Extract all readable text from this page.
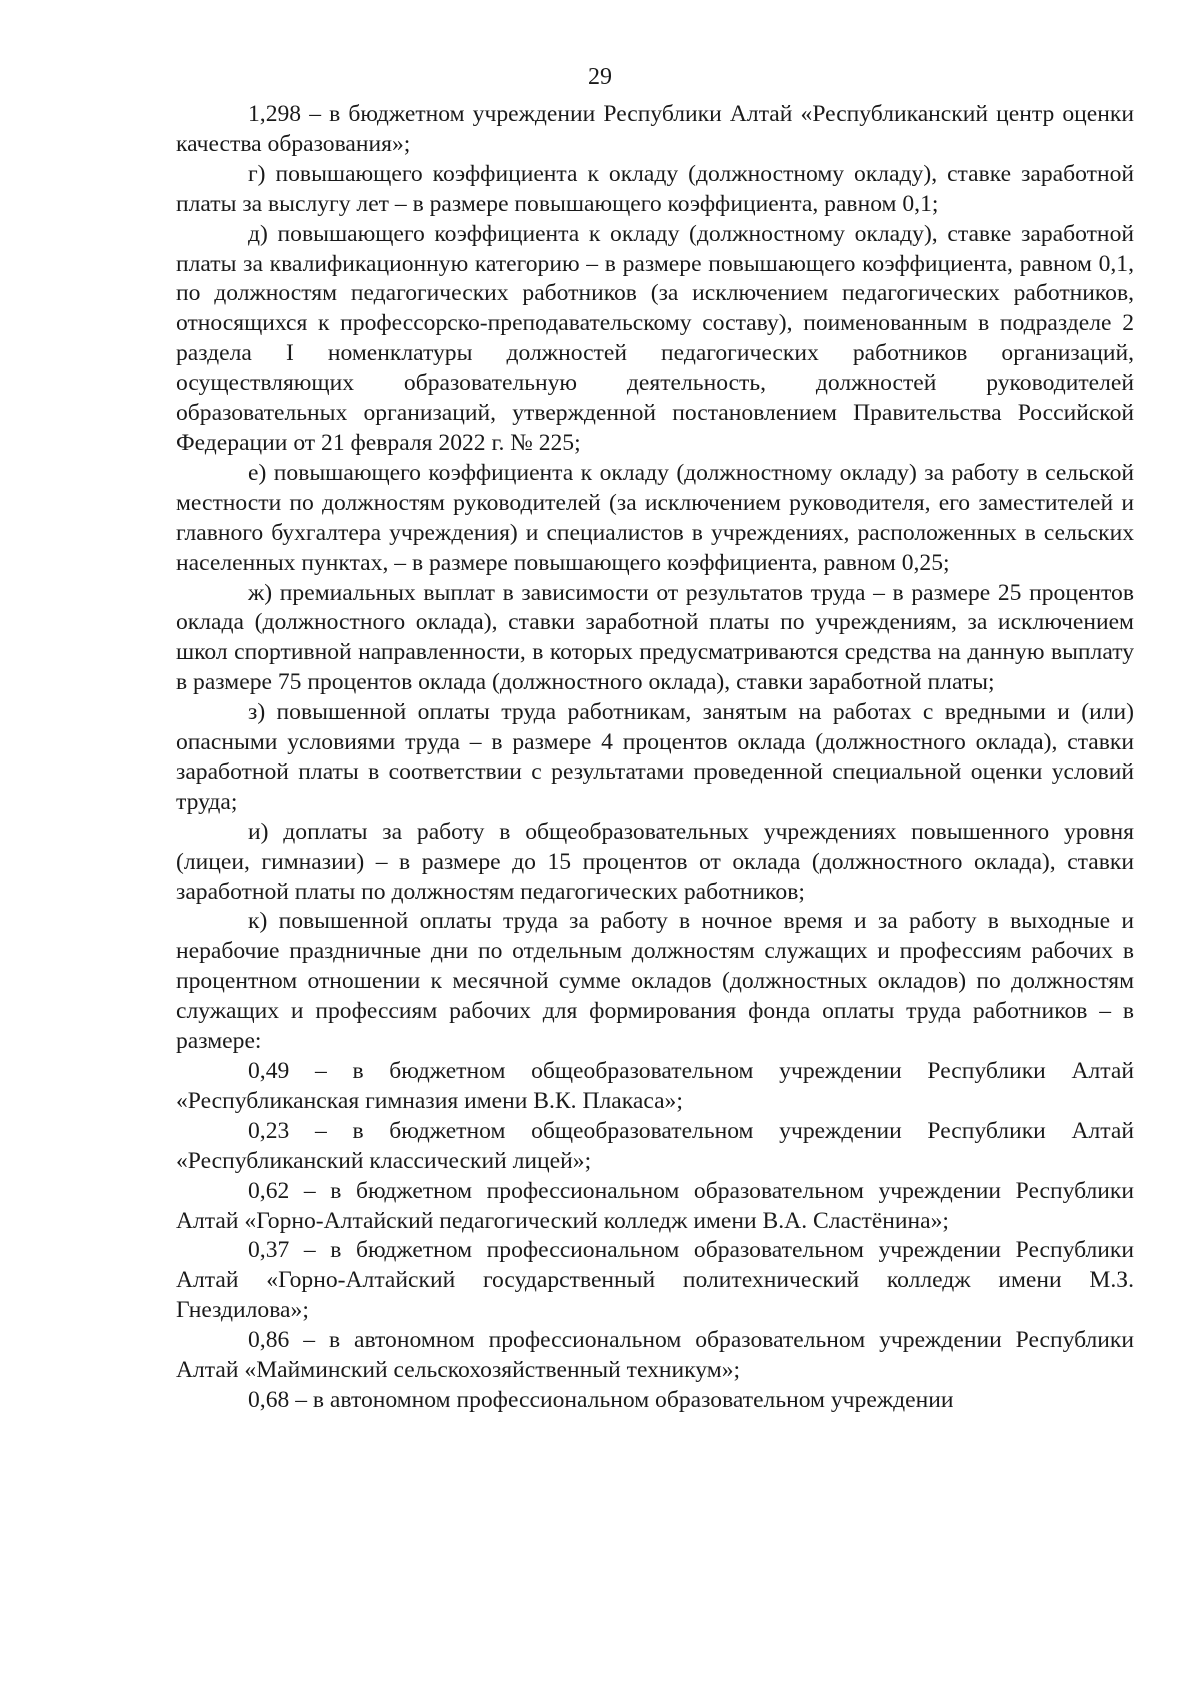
29

1,298 – в бюджетном учреждении Республики Алтай «Республиканский центр оценки качества образования»;

г) повышающего коэффициента к окладу (должностному окладу), ставке заработной платы за выслугу лет – в размере повышающего коэффициента, равном 0,1;

д) повышающего коэффициента к окладу (должностному окладу), ставке заработной платы за квалификационную категорию – в размере повышающего коэффициента, равном 0,1, по должностям педагогических работников (за исключением педагогических работников, относящихся к профессорско-преподавательскому составу), поименованным в подразделе 2 раздела I номенклатуры должностей педагогических работников организаций, осуществляющих образовательную деятельность, должностей руководителей образовательных организаций, утвержденной постановлением Правительства Российской Федерации от 21 февраля 2022 г. № 225;

е) повышающего коэффициента к окладу (должностному окладу) за работу в сельской местности по должностям руководителей (за исключением руководителя, его заместителей и главного бухгалтера учреждения) и специалистов в учреждениях, расположенных в сельских населенных пунктах, – в размере повышающего коэффициента, равном 0,25;

ж) премиальных выплат в зависимости от результатов труда – в размере 25 процентов оклада (должностного оклада), ставки заработной платы по учреждениям, за исключением школ спортивной направленности, в которых предусматриваются средства на данную выплату в размере 75 процентов оклада (должностного оклада), ставки заработной платы;

з) повышенной оплаты труда работникам, занятым на работах с вредными и (или) опасными условиями труда – в размере 4 процентов оклада (должностного оклада), ставки заработной платы в соответствии с результатами проведенной специальной оценки условий труда;

и) доплаты за работу в общеобразовательных учреждениях повышенного уровня (лицеи, гимназии) – в размере до 15 процентов от оклада (должностного оклада), ставки заработной платы по должностям педагогических работников;

к) повышенной оплаты труда за работу в ночное время и за работу в выходные и нерабочие праздничные дни по отдельным должностям служащих и профессиям рабочих в процентном отношении к месячной сумме окладов (должностных окладов) по должностям служащих и профессиям рабочих для формирования фонда оплаты труда работников – в размере:

0,49 – в бюджетном общеобразовательном учреждении Республики Алтай «Республиканская гимназия имени В.К. Плакаса»;

0,23 – в бюджетном общеобразовательном учреждении Республики Алтай «Республиканский классический лицей»;

0,62 – в бюджетном профессиональном образовательном учреждении Республики Алтай «Горно-Алтайский педагогический колледж имени В.А. Сластёнина»;

0,37 – в бюджетном профессиональном образовательном учреждении Республики Алтай «Горно-Алтайский государственный политехнический колледж имени М.З. Гнездилова»;

0,86 – в автономном профессиональном образовательном учреждении Республики Алтай «Майминский сельскохозяйственный техникум»;

0,68 – в автономном профессиональном образовательном учреждении
